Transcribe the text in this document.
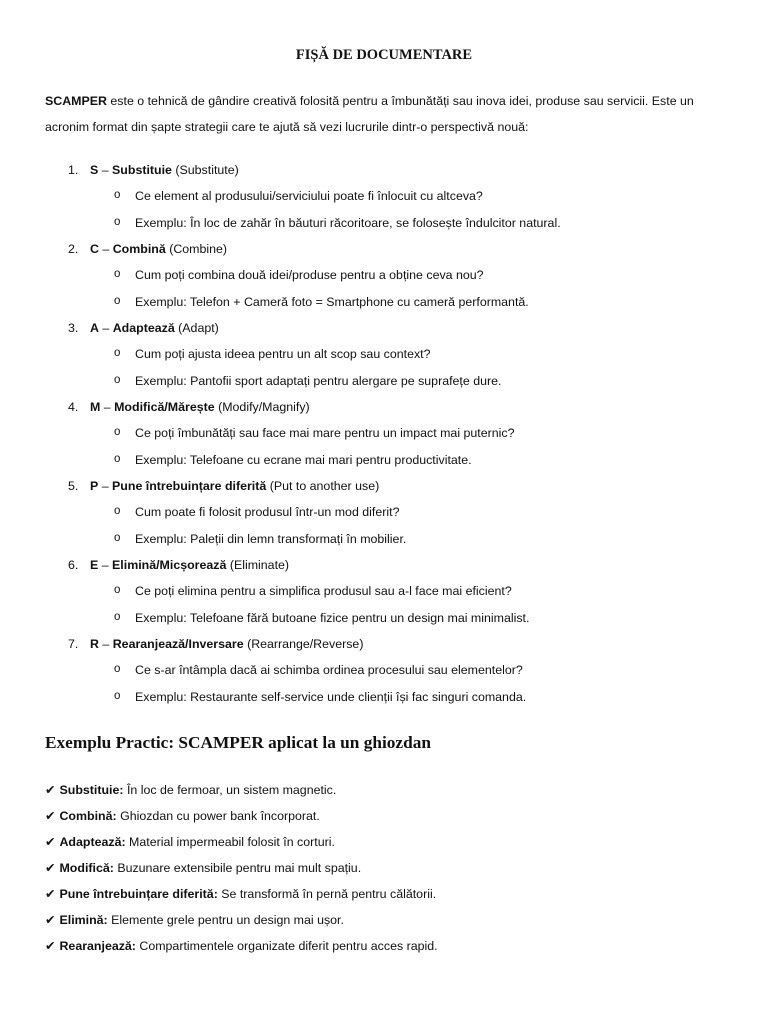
FIȘĂ DE DOCUMENTARE

SCAMPER este o tehnică de gândire creativă folosită pentru a îmbunătăți sau inova idei, produse sau servicii. Este un acronim format din șapte strategii care te ajută să vezi lucrurile dintr-o perspectivă nouă:

1. S – Substituie (Substitute)
o Ce element al produsului/serviciului poate fi înlocuit cu altceva?
o Exemplu: În loc de zahăr în băuturi răcoritoare, se folosește îndulcitor natural.
2. C – Combină (Combine)
o Cum poți combina două idei/produse pentru a obține ceva nou?
o Exemplu: Telefon + Cameră foto = Smartphone cu cameră performantă.
3. A – Adaptează (Adapt)
o Cum poți ajusta ideea pentru un alt scop sau context?
o Exemplu: Pantofii sport adaptați pentru alergare pe suprafețe dure.
4. M – Modifică/Mărește (Modify/Magnify)
o Ce poți îmbunătăți sau face mai mare pentru un impact mai puternic?
o Exemplu: Telefoane cu ecrane mai mari pentru productivitate.
5. P – Pune întrebuințare diferită (Put to another use)
o Cum poate fi folosit produsul într-un mod diferit?
o Exemplu: Paleții din lemn transformați în mobilier.
6. E – Elimină/Micșorează (Eliminate)
o Ce poți elimina pentru a simplifica produsul sau a-l face mai eficient?
o Exemplu: Telefoane fără butoane fizice pentru un design mai minimalist.
7. R – Rearanjează/Inversare (Rearrange/Reverse)
o Ce s-ar întâmpla dacă ai schimba ordinea procesului sau elementelor?
o Exemplu: Restaurante self-service unde clienții își fac singuri comanda.
Exemplu Practic: SCAMPER aplicat la un ghiozdan
✔ Substituie: În loc de fermoar, un sistem magnetic.
✔ Combină: Ghiozdan cu power bank încorporat.
✔ Adaptează: Material impermeabil folosit în corturi.
✔ Modifică: Buzunare extensibile pentru mai mult spațiu.
✔ Pune întrebuințare diferită: Se transformă în pernă pentru călătorii.
✔ Elimină: Elemente grele pentru un design mai ușor.
✔ Rearanjează: Compartimentele organizate diferit pentru acces rapid.
